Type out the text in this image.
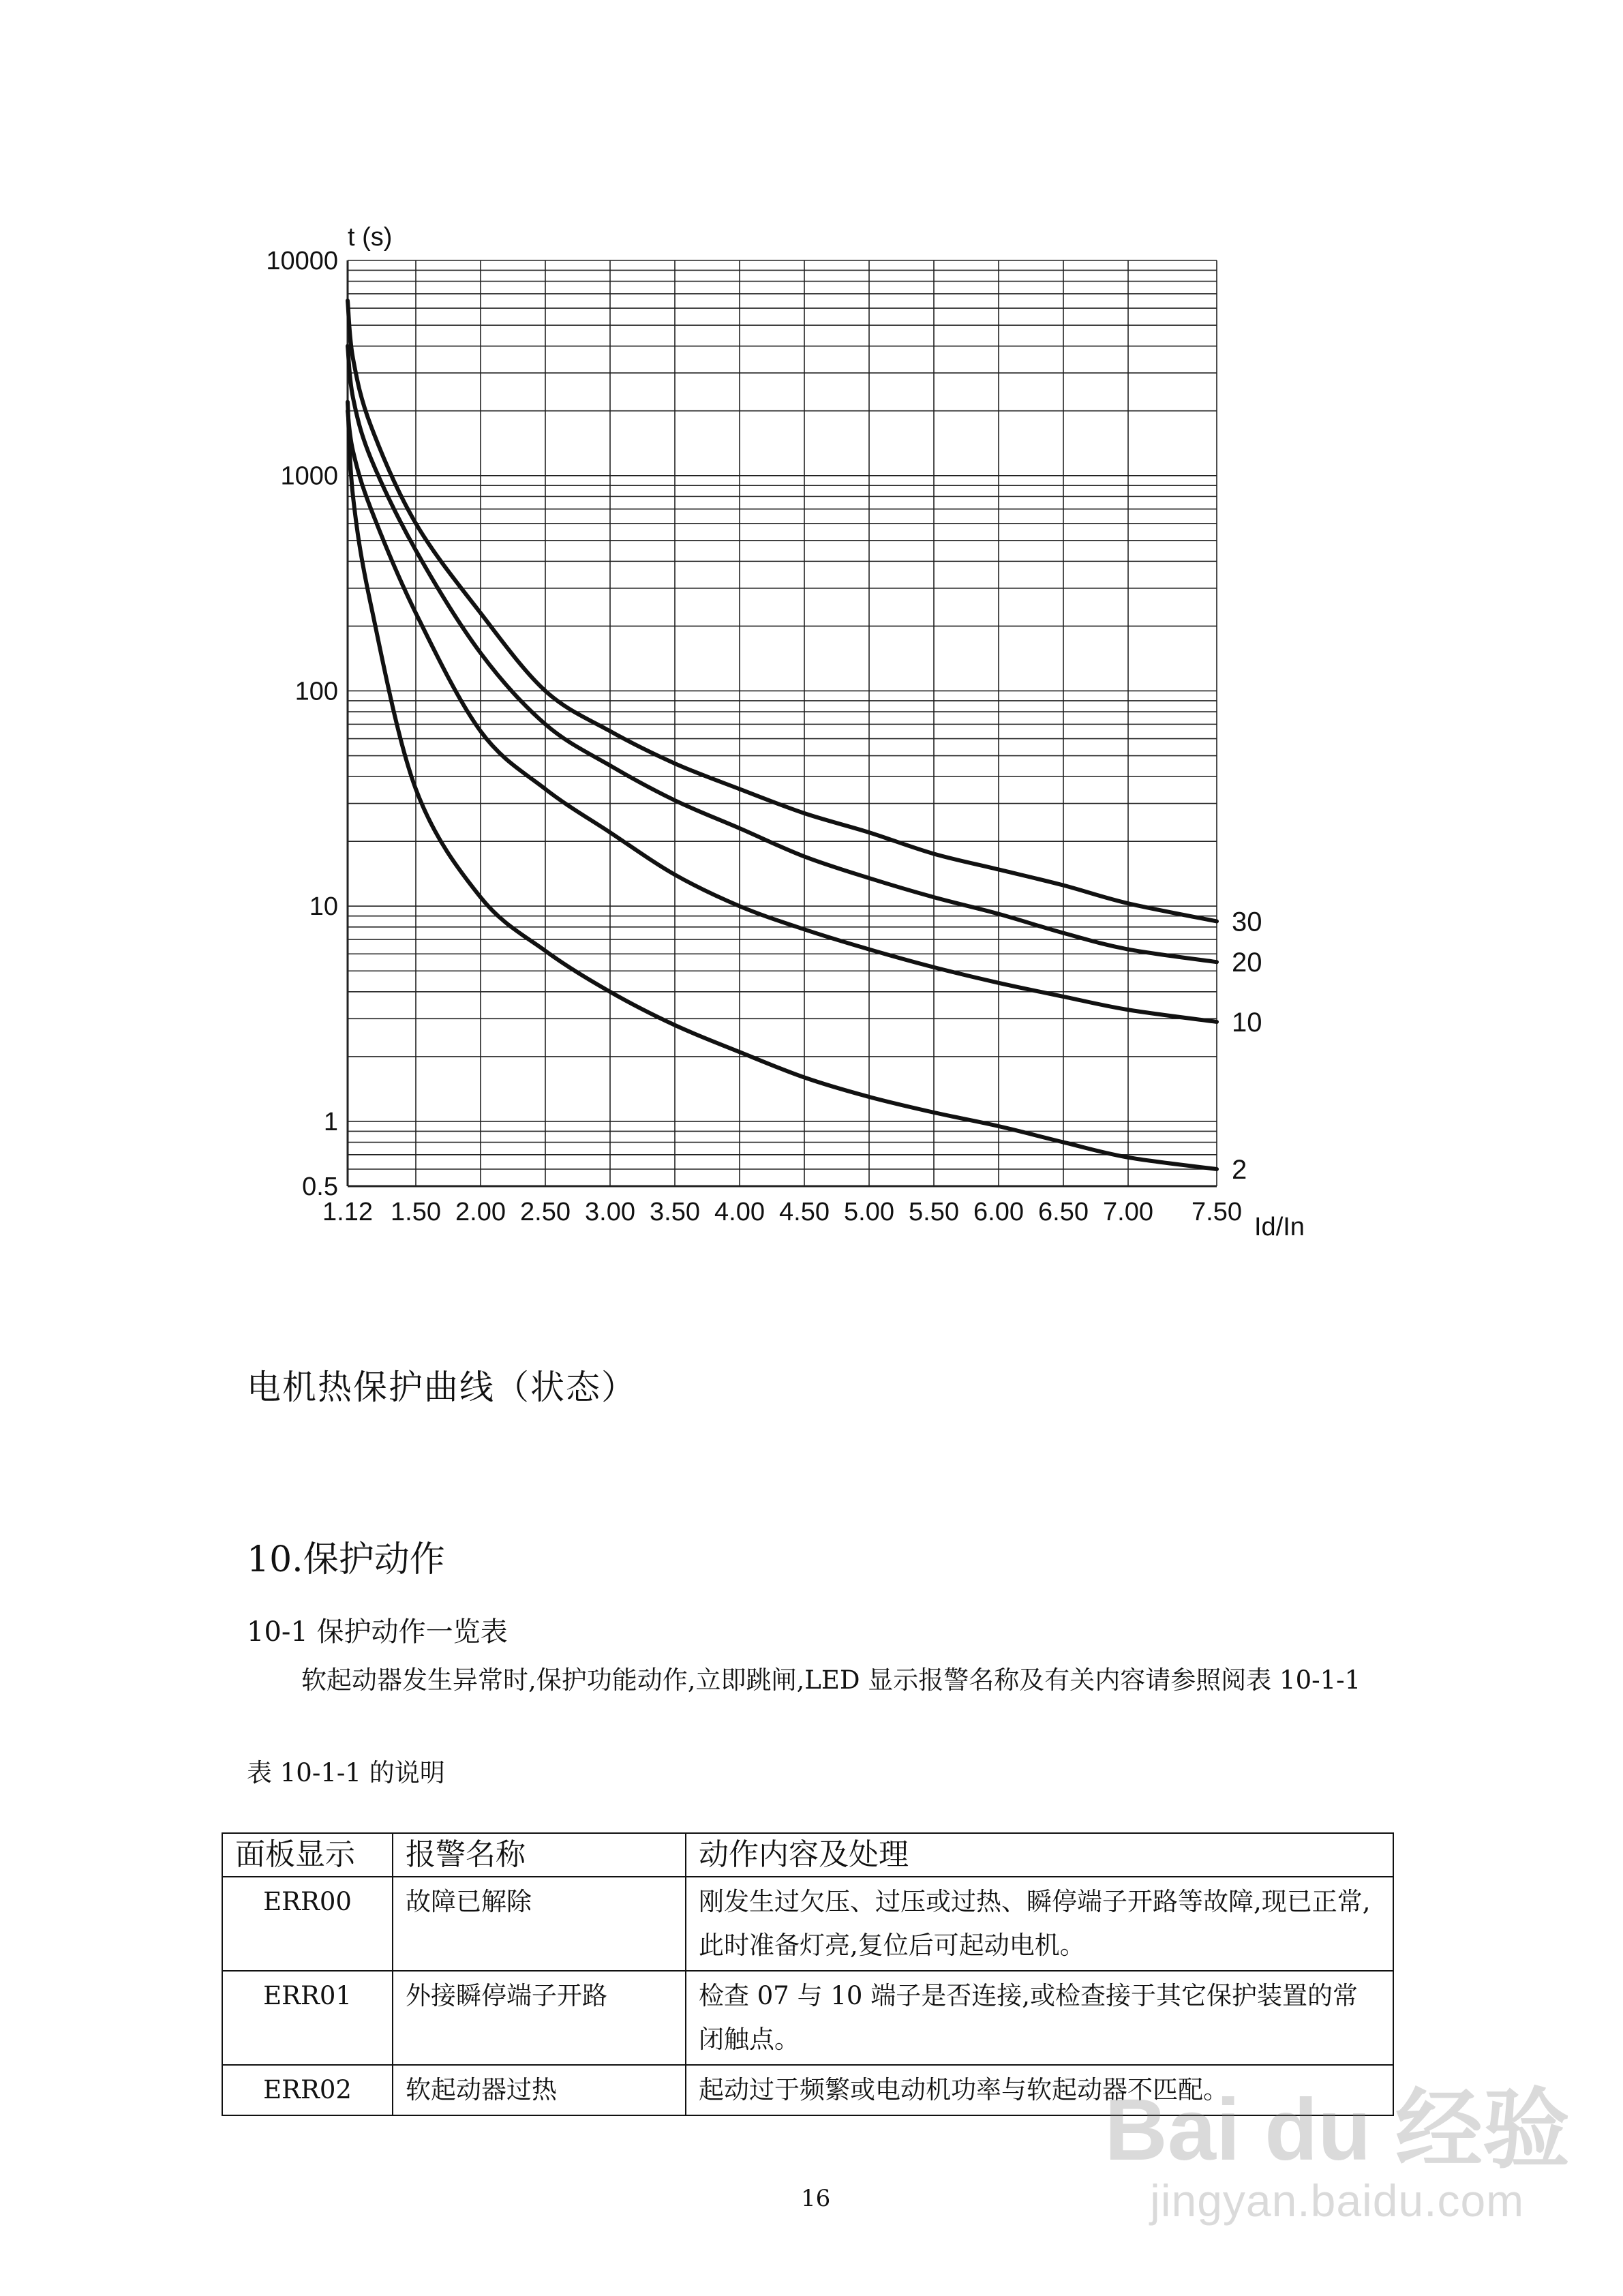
t (s)
10000
1000
100
10
1
0.5
1.12 1.50 2.00 2.50 3.00 3.50 4.00 4.50 5.00 5.50 6.00 6.50 7.00 7.50
2
10
20
30
Id/In
电机热保护曲线（状态）
10.保护动作
10-1 保护动作一览表
软起动器发生异常时,保护功能动作,立即跳闸,LED 显示报警名称及有关内容请参照阅表 10-1-1
表 10-1-1 的说明
面板显示	报警名称	动作内容及处理
ERR00	故障已解除	刚发生过欠压、过压或过热、瞬停端子开路等故障,现已正常,此时准备灯亮,复位后可起动电机。
ERR01	外接瞬停端子开路	检查 07 与 10 端子是否连接,或检查接于其它保护装置的常闭触点。
ERR02	软起动器过热	起动过于频繁或电动机功率与软起动器不匹配。
16
Bai du 经验
jingyan.baidu.com
